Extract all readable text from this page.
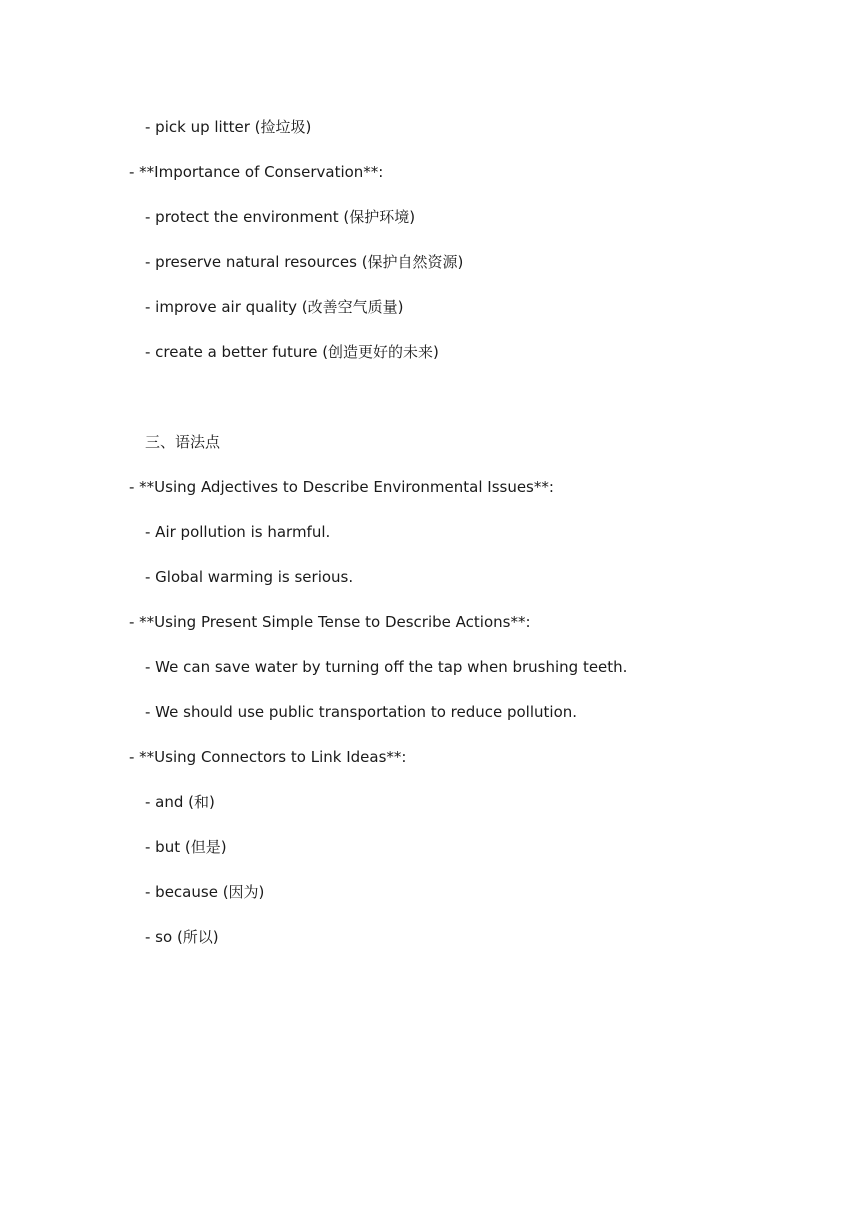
- pick up litter (捡垃圾)
- **Importance of Conservation**:
- protect the environment (保护环境)
- preserve natural resources (保护自然资源)
- improve air quality (改善空气质量)
- create a better future (创造更好的未来)
三、语法点
- **Using Adjectives to Describe Environmental Issues**:
- Air pollution is harmful.
- Global warming is serious.
- **Using Present Simple Tense to Describe Actions**:
- We can save water by turning off the tap when brushing teeth.
- We should use public transportation to reduce pollution.
- **Using Connectors to Link Ideas**:
- and (和)
- but (但是)
- because (因为)
- so (所以)
